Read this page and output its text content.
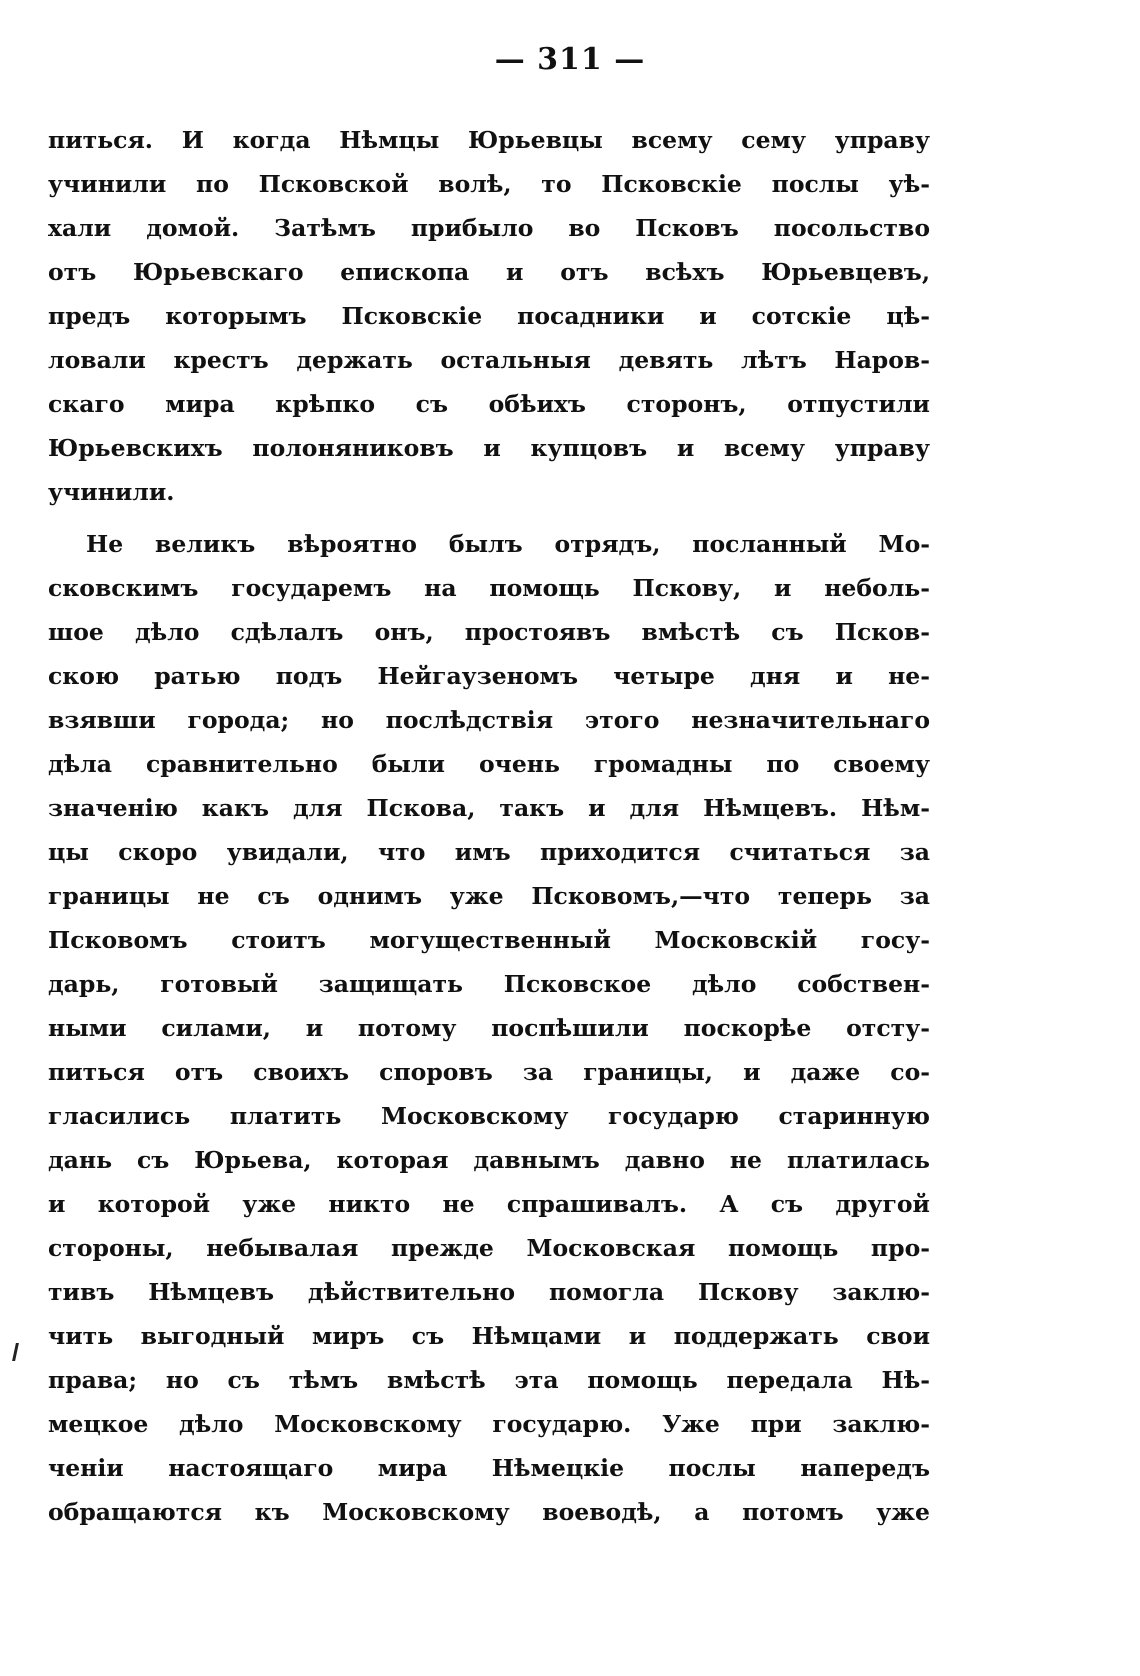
— 311 —
питься. И когда Нѣмцы Юрьевцы всему сему управу
учинили по Псковской волѣ, то Псковскіе послы уѣ-
хали домой. Затѣмъ прибыло во Псковъ посольство
отъ Юрьевскаго епископа и отъ всѣхъ Юрьевцевъ,
предъ которымъ Псковскіе посадники и сотскіе цѣ-
ловали крестъ держать остальныя девять лѣтъ Наров-
скаго мира крѣпко съ обѣихъ сторонъ, отпустили
Юрьевскихъ полоняниковъ и купцовъ и всему управу
учинили.
Не великъ вѣроятно былъ отрядъ, посланный Мо-
сковскимъ государемъ на помощь Пскову, и неболь-
шое дѣло сдѣлалъ онъ, простоявъ вмѣстѣ съ Псков-
скою ратью подъ Нейгаузеномъ четыре дня и не-
взявши города; но послѣдствія этого незначительнаго
дѣла сравнительно были очень громадны по своему
значенію какъ для Пскова, такъ и для Нѣмцевъ. Нѣм-
цы скоро увидали, что имъ приходится считаться за
границы не съ однимъ уже Псковомъ,—что теперь за
Псковомъ стоитъ могущественный Московскій госу-
дарь, готовый защищать Псковское дѣло собствен-
ными силами, и потому поспѣшили поскорѣе отсту-
питься отъ своихъ споровъ за границы, и даже со-
гласились платить Московскому государю старинную
дань съ Юрьева, которая давнымъ давно не платилась
и которой уже никто не спрашивалъ. А съ другой
стороны, небывалая прежде Московская помощь про-
тивъ Нѣмцевъ дѣйствительно помогла Пскову заклю-
чить выгодный миръ съ Нѣмцами и поддержать свои
права; но съ тѣмъ вмѣстѣ эта помощь передала Нѣ-
мецкое дѣло Московскому государю. Уже при заклю-
ченіи настоящаго мира Нѣмецкіе послы напередъ
обращаются къ Московскому воеводѣ, а потомъ уже
